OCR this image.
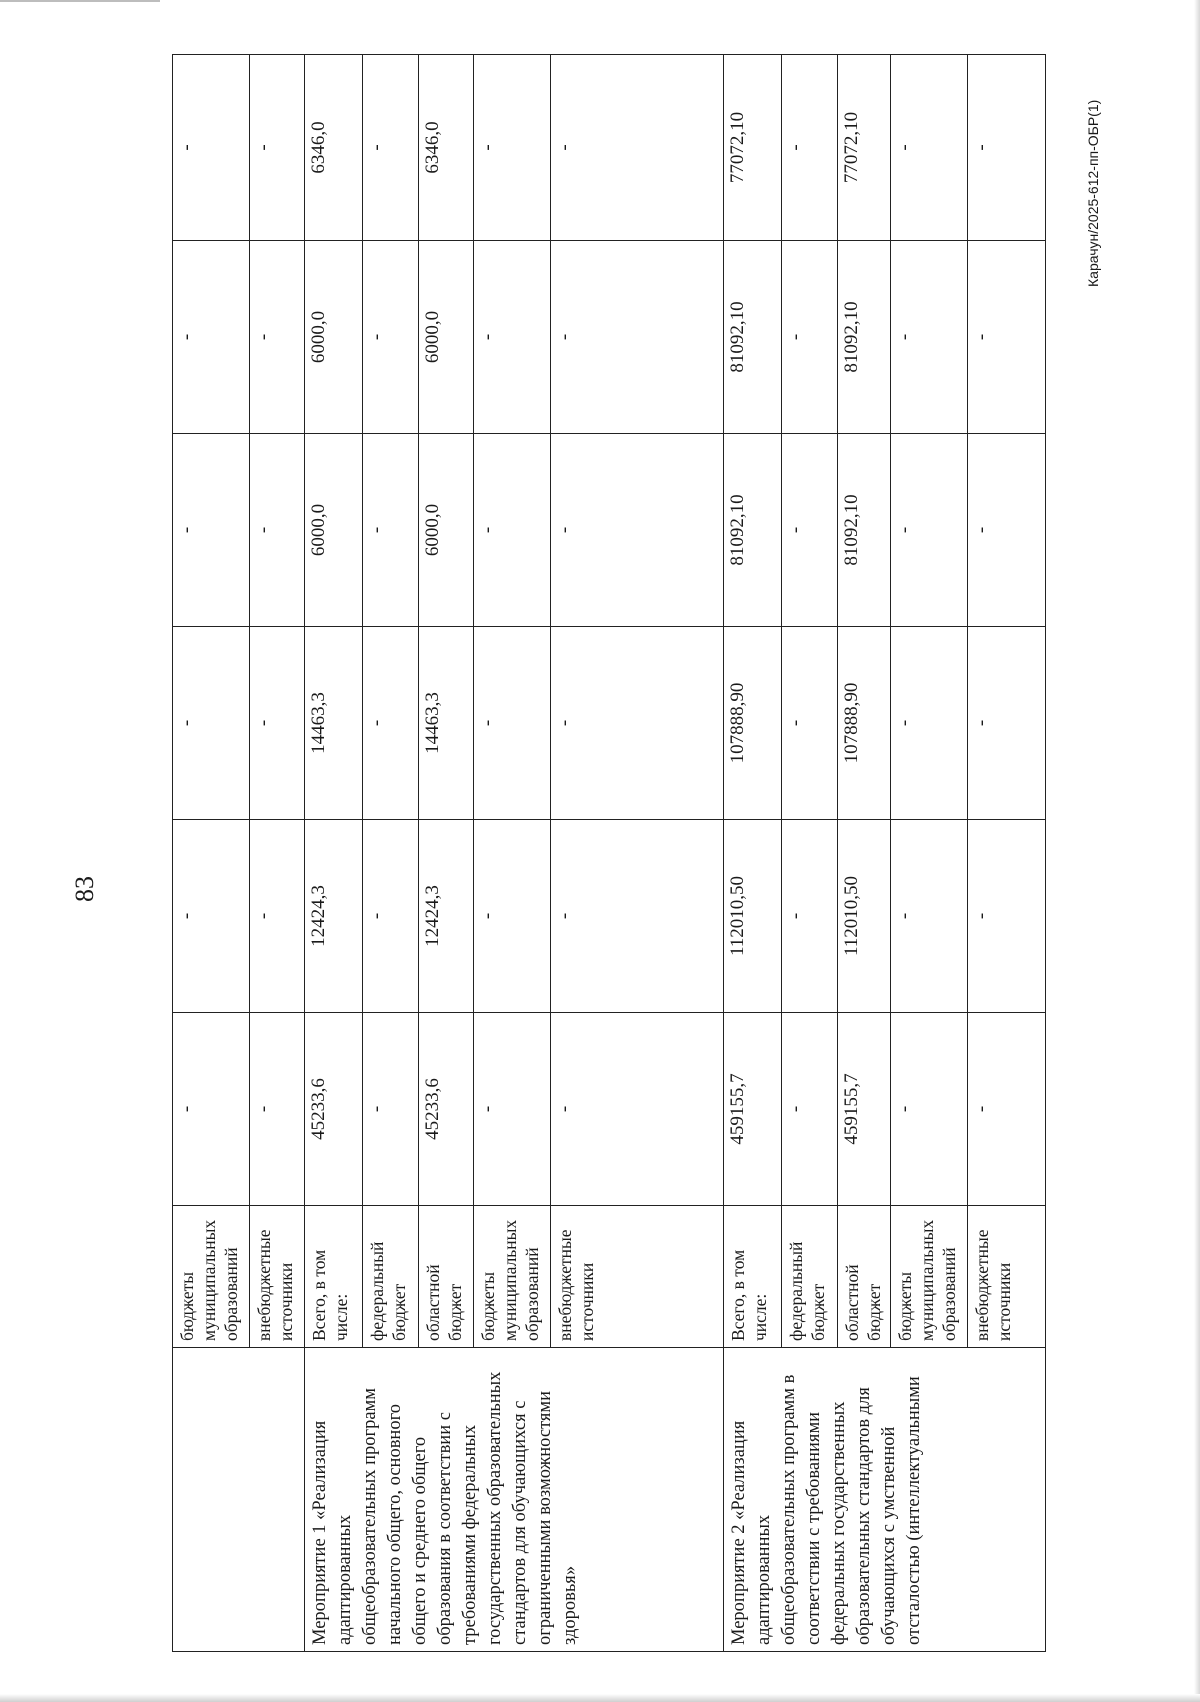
83
Карачун/2025-612-пп-ОБР(1)
	бюджеты муниципальных образований	-	-	-	-	-	-
	внебюджетные источники	-	-	-	-	-	-
Мероприятие 1 «Реализация адаптированных общеобразовательных программ начального общего, основного общего и среднего общего образования в соответствии с требованиями федеральных государственных образовательных стандартов для обучающихся с ограниченными возможностями здоровья»	Всего, в том числе:	45233,6	12424,3	14463,3	6000,0	6000,0	6346,0
	федеральный бюджет	-	-	-	-	-	-
	областной бюджет	45233,6	12424,3	14463,3	6000,0	6000,0	6346,0
	бюджеты муниципальных образований	-	-	-	-	-	-
	внебюджетные источники	-	-	-	-	-	-
Мероприятие 2 «Реализация адаптированных общеобразовательных программ в соответствии с требованиями федеральных государственных образовательных стандартов для обучающихся с умственной отсталостью (интеллектуальными	Всего, в том числе:	459155,7	112010,50	107888,90	81092,10	81092,10	77072,10
	федеральный бюджет	-	-	-	-	-	-
	областной бюджет	459155,7	112010,50	107888,90	81092,10	81092,10	77072,10
	бюджеты муниципальных образований	-	-	-	-	-	-
	внебюджетные источники	-	-	-	-	-	-
